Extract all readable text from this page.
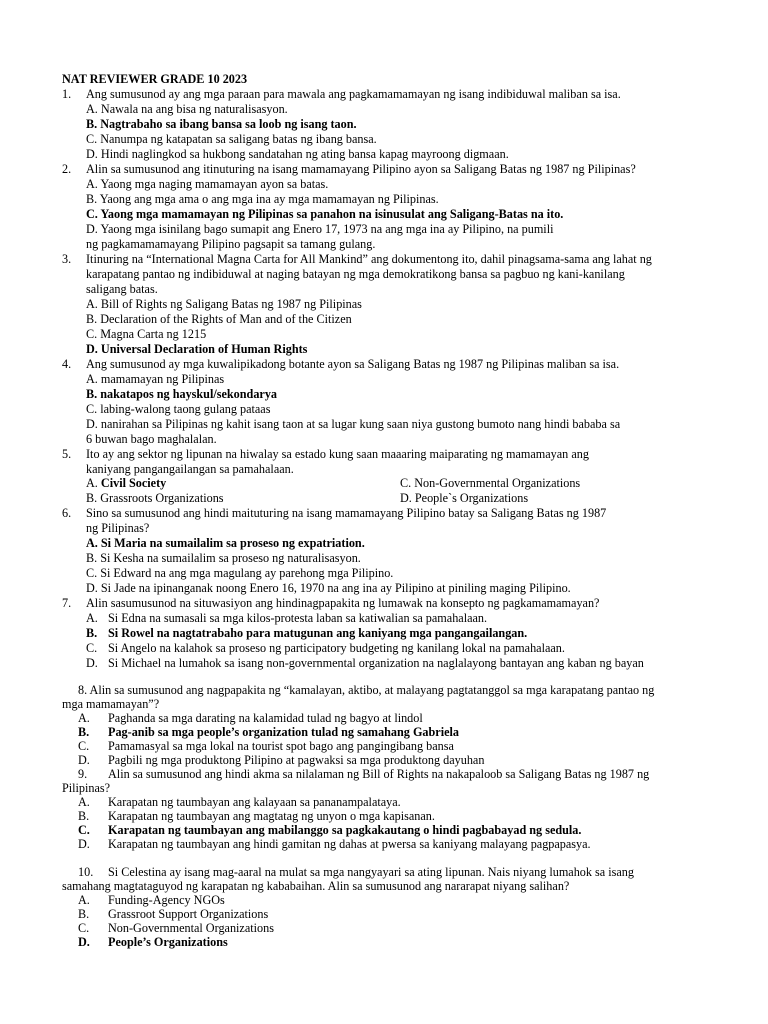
NAT REVIEWER GRADE 10 2023
1. Ang sumusunod ay ang mga paraan para mawala ang pagkamamamayan ng isang indibiduwal maliban sa isa.
A. Nawala na ang bisa ng naturalisasyon.
B. Nagtrabaho sa ibang bansa sa loob ng isang taon.
C. Nanumpa ng katapatan sa saligang batas ng ibang bansa.
D. Hindi naglingkod sa hukbong sandatahan ng ating bansa kapag mayroong digmaan.
2. Alin sa sumusunod ang itinuturing na isang mamamayang Pilipino ayon sa Saligang Batas ng 1987 ng Pilipinas?
A. Yaong mga naging mamamayan ayon sa batas.
B. Yaong ang mga ama o ang mga ina ay mga mamamayan ng Pilipinas.
C. Yaong mga mamamayan ng Pilipinas sa panahon na isinusulat ang Saligang-Batas na ito.
D. Yaong mga isinilang bago sumapit ang Enero 17, 1973 na ang mga ina ay Pilipino, na pumili
ng pagkamamamayang Pilipino pagsapit sa tamang gulang.
3. Itinuring na “International Magna Carta for All Mankind” ang dokumentong ito, dahil pinagsama-sama ang lahat ng
karapatang pantao ng indibiduwal at naging batayan ng mga demokratikong bansa sa pagbuo ng kani-kanilang
saligang batas.
A. Bill of Rights ng Saligang Batas ng 1987 ng Pilipinas
B. Declaration of the Rights of Man and of the Citizen
C. Magna Carta ng 1215
D. Universal Declaration of Human Rights
4. Ang sumusunod ay mga kuwalipikadong botante ayon sa Saligang Batas ng 1987 ng Pilipinas maliban sa isa.
A. mamamayan ng Pilipinas
B. nakatapos ng hayskul/sekondarya
C. labing-walong taong gulang pataas
D. nanirahan sa Pilipinas ng kahit isang taon at sa lugar kung saan niya gustong bumoto nang hindi bababa sa
6 buwan bago maghalalan.
5. Ito ay ang sektor ng lipunan na hiwalay sa estado kung saan maaaring maiparating ng mamamayan ang
kaniyang pangangailangan sa pamahalaan.
A. Civil Society	C. Non-Governmental Organizations
B. Grassroots Organizations	D. People`s Organizations
6. Sino sa sumusunod ang hindi maituturing na isang mamamayang Pilipino batay sa Saligang Batas ng 1987
ng Pilipinas?
A. Si Maria na sumailalim sa proseso ng expatriation.
B. Si Kesha na sumailalim sa proseso ng naturalisasyon.
C. Si Edward na ang mga magulang ay parehong mga Pilipino.
D. Si Jade na ipinanganak noong Enero 16, 1970 na ang ina ay Pilipino at piniling maging Pilipino.
7. Alin sasumusunod na situwasiyon ang hindinagpapakita ng lumawak na konsepto ng pagkamamamayan?
A. Si Edna na sumasali sa mga kilos-protesta laban sa katiwalian sa pamahalaan.
B. Si Rowel na nagtatrabaho para matugunan ang kaniyang mga pangangailangan.
C. Si Angelo na kalahok sa proseso ng participatory budgeting ng kanilang lokal na pamahalaan.
D. Si Michael na lumahok sa isang non-governmental organization na naglalayong bantayan ang kaban ng bayan
8. Alin sa sumusunod ang nagpapakita ng “kamalayan, aktibo, at malayang pagtatanggol sa mga karapatang pantao ng
mga mamamayan”?
A. Paghanda sa mga darating na kalamidad tulad ng bagyo at lindol
B. Pag-anib sa mga people’s organization tulad ng samahang Gabriela
C. Pamamasyal sa mga lokal na tourist spot bago ang pangingibang bansa
D. Pagbili ng mga produktong Pilipino at pagwaksi sa mga produktong dayuhan
9. Alin sa sumusunod ang hindi akma sa nilalaman ng Bill of Rights na nakapaloob sa Saligang Batas ng 1987 ng
Pilipinas?
A. Karapatan ng taumbayan ang kalayaan sa pananampalataya.
B. Karapatan ng taumbayan ang magtatag ng unyon o mga kapisanan.
C. Karapatan ng taumbayan ang mabilanggo sa pagkakautang o hindi pagbabayad ng sedula.
D. Karapatan ng taumbayan ang hindi gamitan ng dahas at pwersa sa kaniyang malayang pagpapasya.
10. Si Celestina ay isang mag-aaral na mulat sa mga nangyayari sa ating lipunan. Nais niyang lumahok sa isang
samahang magtataguyod ng karapatan ng kababaihan. Alin sa sumusunod ang nararapat niyang salihan?
A. Funding-Agency NGOs
B. Grassroot Support Organizations
C. Non-Governmental Organizations
D. People’s Organizations
